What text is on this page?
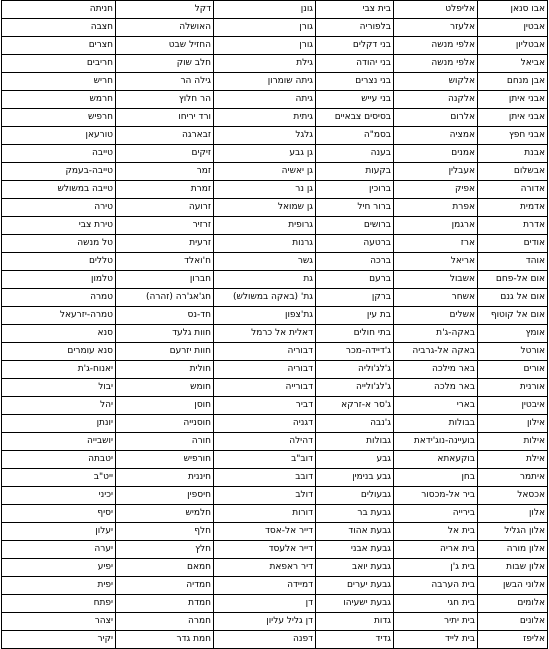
אבו סנאן	אליפלט	בית צבי	גונן	דקל	חניתה	
אבטין	אלעזר	בלפוריה	גורן	האושלה	חצבה	
אבטליון	אלפי מנשה	בני דקלים	גורן	החזיל שבט	חצרים	
אביאל	אלפי מנשה	בני יהודה	גילת	חלב שוק	חריבים	
אבן מנחם	אלקוש	בני נצרים	גיתה שומרון	גילה הר	חריש	
אבני איתן	אלקנה	בני עייש	גיתה	הר חלוץ	חרמש	
אבני איתן	אלרום	בסיסים צבאיים	גיתית	ורד יריחו	חרפיש	
אבני חפץ	אמציה	בסמ"ה	גלגל	זבארגה	טורעאן	
אבנת	אמנים	בענה	גן גבע	זיקים	טייבה	
אבשלום	אעבלין	בקעות	גן יאשיה	זמר	טייבה-בעמק	
אדורה	אפיק	ברוכין	גן נר	זמרת	טייבה במשולש	
אדמית	אפרת	ברור חיל	גן שמואל	זרועה	טירה	
אדרת	ארגמן	ברושים	גרופית	זרזיר	טירת צבי	
אודים	ארז	ברטעה	גרנות	זרעית	טל מנשה	
אוהד	אריאל	ברכה	גשר	ח'ואלד	טללים	
אום אל-פחם	אשבול	ברעם	גת	חברון	טלמון	
אום אל גנם	אשחר	ברקן	גת' (באקה במשולש)	חג'אג'רה (זהרה)	טמרה	
אום אל קוטוף	אשלים	בת עין	גת'צפון	חד-נס	טמרה-יזרעאל	
אומץ	באקה-ג'ת	בתי חולים	דאלית אל כרמל	חוות גלעד	סנא	
אורטל	באקה אל-גרביה	ג'דיידה-מכר	דבוריה	חוות יזרעם	סנא עומרים	
אורים	באר מילכה	ג'לג'וליה	דבוריה	חולית	יאנוח-ג'ת	
אורנית	באר מלכה	ג'לג'ולייה	דבורייה	חומש	יבול	
איבטין	בארי	ג'סר א-זרקא	דביר	חוסן	יהל	
אילון	בבולות	ג'נבה	דגניה	חוסנייה	יונתן	
אילות	בועיינה-נוג'ידאת	גבולות	דהילה	חורה	יושבייה	
אילת	בוקעאתא	גבע	דוב"ב	חורפיש	יטבתה	
איתמר	בחן	גבע בנימין	דובב	חיננית	ייט"ב	
אכסאל	ביר אל-מכסור	גבעולים	דולב	חיספין	יכיני	
אלון	בירייה	גבעת בר	דורות	חלמיש	יסיף	
אלון הגליל	בית אל	גבעת אהוד	דייר אל-אסד	חלף	יעלון	
אלון מורה	בית אריה	גבעת אבני	דייר אלעסד	חלץ	יערה	
אלון שבות	בית ג'ן	גבעת יואב	דיר ראפאת	חמאם	יפיע	
אלוני הבשן	בית הערבה	גבעת יערים	דמיידה	חמדיה	יפית	
אלומים	בית חגי	גבעת ישעיהו	דן	חמדת	יפתח	
אלונים	בית יתיר	גדות	דן גליל עליון	חמרה	יצהר	
אליפז	בית לייד	גדיד	דפנה	חמת גדר	יקיר	
